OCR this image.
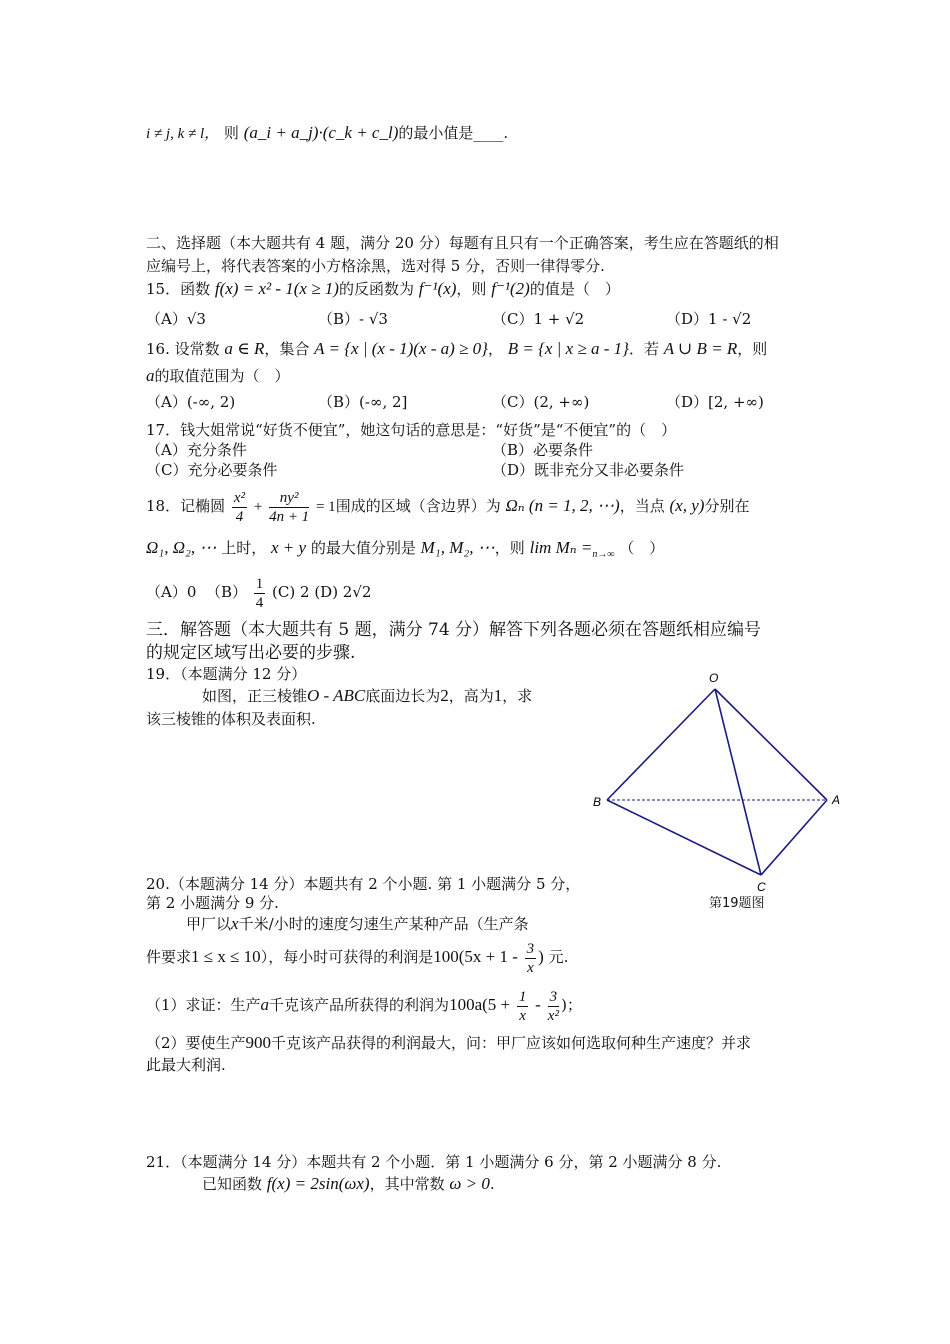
i ≠ j, k ≠ l， 则 (a_i + a_j)·(c_k + c_l)的最小值是____.
二、选择题（本大题共有 4 题，满分 20 分）每题有且只有一个正确答案，考生应在答题纸的相
应编号上，将代表答案的小方格涂黑，选对得 5 分，否则一律得零分.
15．函数 f(x) = x² - 1(x ≥ 1)的反函数为 f⁻¹(x)，则 f⁻¹(2)的值是（　）
（A）√3	（B）- √3	（C）1 + √2	（D）1 - √2
16. 设常数 a ∈ R，集合 A = {x | (x - 1)(x - a) ≥ 0}， B = {x | x ≥ a - 1}．若 A ∪ B = R，则
a的取值范围为（　）
（A）(-∞, 2)	（B）(-∞, 2]	（C）(2, +∞)	（D）[2, +∞)
17．钱大姐常说“好货不便宜”，她这句话的意思是：“好货”是“不便宜”的（　）
（A）充分条件	（B）必要条件
（C）充分必要条件	（D）既非充分又非必要条件
18．记椭圆 $\frac{\text{x²}}{4} + \frac{\text{ny²}}{4n + 1} = 1$围成的区域（含边界）为 Ωₙ (n = 1, 2, ⋯)，当点 (x, y)分别在
Ω₁, Ω₂, ⋯ 上时， x + y 的最大值分别是 M₁, M₂, ⋯，则 $\lim M_n =_{n\to\infty}$ （　）
（A）0 $(B) \frac{1}{4} (C)$ 2 (D) 2√2
三．解答题（本大题共有 5 题，满分 74 分）解答下列各题必须在答题纸相应编号
的规定区域写出必要的步骤.
19．（本题满分 12 分）
如图，正三棱锥O - ABC底面边长为2，高为1，求
该三棱锥的体积及表面积.
O
B	A
C
第19题图
20.（本题满分 14 分）本题共有 2 个小题. 第 1 小题满分 5 分，
第 2 小题满分 9 分.
甲厂以x千米/小时的速度匀速生产某种产品（生产条
件要求1 ≤ x ≤ 10），每小时可获得的利润是$100(5x + 1 - \frac{3}{x}$ ) 元.
（1）求证：生产a千克该产品所获得的利润为$100a(5 + \frac{1}{x} - \frac{3}{\text{x²}}$ )；
（2）要使生产900千克该产品获得的利润最大，问：甲厂应该如何选取何种生产速度？并求
此最大利润.
21．（本题满分 14 分）本题共有 2 个小题．第 1 小题满分 6 分，第 2 小题满分 8 分.
已知函数 f(x) = 2sin(ωx)，其中常数 ω > 0.
